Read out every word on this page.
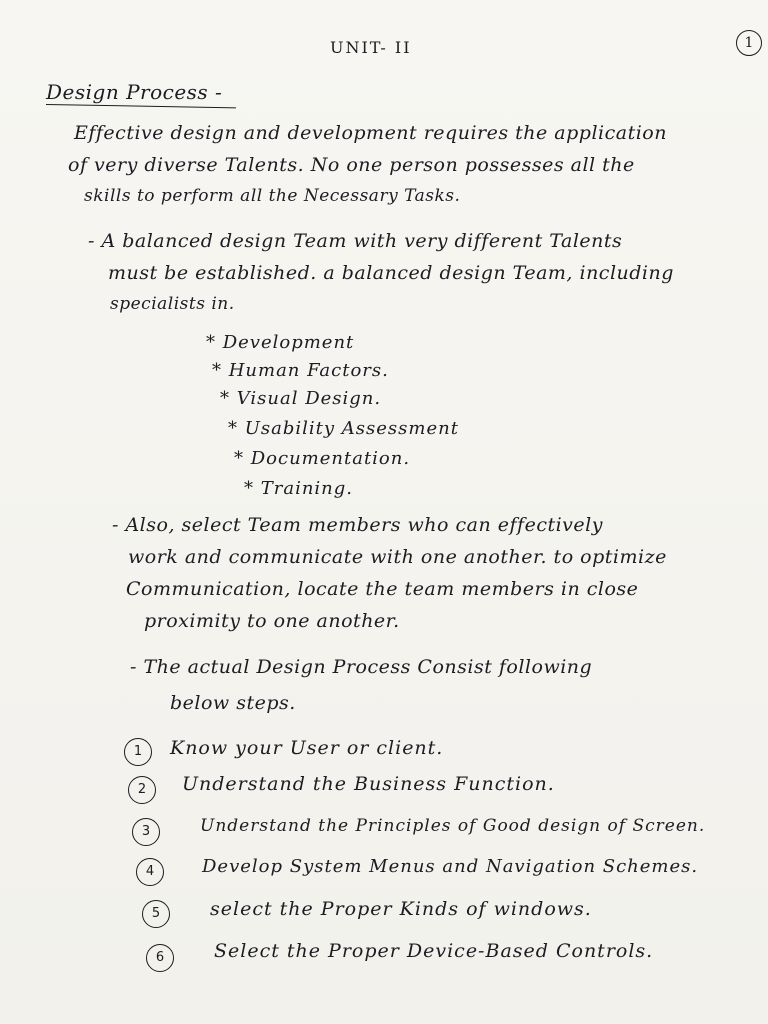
UNIT- II	1
Design Process -
Effective design and development requires the application
of very diverse Talents. No one person possesses all the
skills to perform all the Necessary Tasks.
- A balanced design Team with very different Talents
must be established. a balanced design Team, including
specialists in.
* Development
* Human Factors.
* Visual Design.
* Usability Assessment
* Documentation.
* Training.
- Also, select Team members who can effectively
work and communicate with one another. to optimize
Communication, locate the team members in close
proximity to one another.
- The actual Design Process Consist following
below steps.
1	Know your User or client.
2	Understand the Business Function.
3	Understand the Principles of Good design of Screen.
4	Develop System Menus and Navigation Schemes.
5	select the Proper Kinds of windows.
6	Select the Proper Device-Based Controls.
